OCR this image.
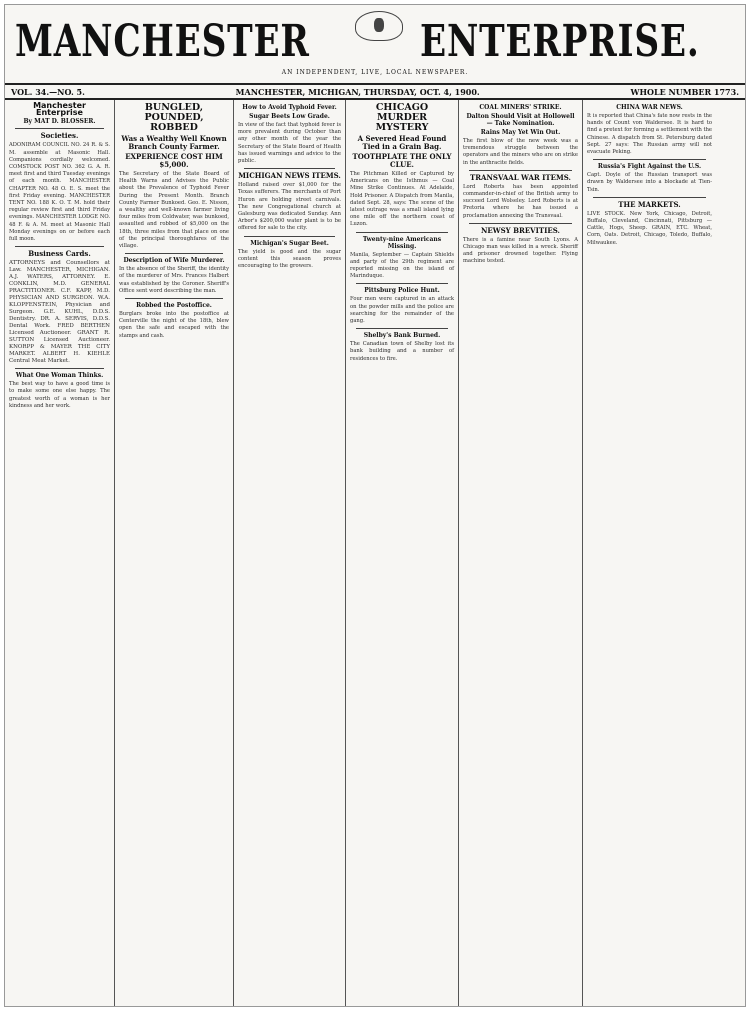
MANCHESTER	ENTERPRISE.
AN INDEPENDENT, LIVE, LOCAL NEWSPAPER.
VOL. 34.—NO. 5.	MANCHESTER, MICHIGAN, THURSDAY, OCT. 4, 1900.	WHOLE NUMBER 1773.
Manchester Enterprise
By MAT D. BLOSSER.
Societies.
ADONIRAM COUNCIL NO. 24 R. & S. M. assemble at Masonic Hall. Companions cordially welcomed. COMSTOCK POST NO. 362 G. A. R. meet first and third Tuesday evenings of each month. MANCHESTER CHAPTER NO. 48 O. E. S. meet the first Friday evening. MANCHESTER TENT NO. 188 K. O. T. M. hold their regular review first and third Friday evenings. MANCHESTER LODGE NO. 48 F. & A. M. meet at Masonic Hall Monday evenings on or before each full moon.
Business Cards.
ATTORNEYS and Counsellors at Law. MANCHESTER, MICHIGAN. A.J. WATERS, ATTORNEY. E. CONKLIN, M.D. GENERAL PRACTITIONER. C.F. KAPP, M.D. PHYSICIAN AND SURGEON. W.A. KLOPFENSTEIN, Physician and Surgeon. G.E. KUHL, D.D.S. Dentistry. DR. A. SERVIS, D.D.S. Dental Work. FRED BERTHEN Licensed Auctioneer. GRANT R. SUTTON Licensed Auctioneer. KNORPP & MAYER THE CITY MARKET. ALBERT H. KIEHLE Central Meat Market.
What One Woman Thinks.
The best way to have a good time is to make some one else happy. The greatest worth of a woman is her kindness and her work.
BUNGLED, POUNDED, ROBBED
Was a Wealthy Well Known Branch County Farmer.
EXPERIENCE COST HIM $5,000.
The Secretary of the State Board of Health Warns and Advises the Public about the Prevalence of Typhoid Fever During the Present Month. Branch County Farmer Bunkoed. Geo. E. Nisson, a wealthy and well-known farmer living four miles from Coldwater, was bunkoed, assaulted and robbed of $5,000 on the 18th, three miles from that place on one of the principal thoroughfares of the village.
Description of Wife Murderer.
In the absence of the Sheriff, the identity of the murderer of Mrs. Frances Halbert was established by the Coroner. Sheriff's Office sent word describing the man.
Robbed the Postoffice.
Burglars broke into the postoffice at Centerville the night of the 18th, blew open the safe and escaped with the stamps and cash.
How to Avoid Typhoid Fever.
Sugar Beets Low Grade.
In view of the fact that typhoid fever is more prevalent during October than any other month of the year the Secretary of the State Board of Health has issued warnings and advice to the public.
MICHIGAN NEWS ITEMS.
Holland raised over $1,000 for the Texas sufferers. The merchants of Port Huron are holding street carnivals. The new Congregational church at Galesburg was dedicated Sunday. Ann Arbor's $200,000 water plant is to be offered for sale to the city.
Michigan's Sugar Beet.
The yield is good and the sugar content this season proves encouraging to the growers.
CHICAGO MURDER MYSTERY
A Severed Head Found Tied in a Grain Bag.
TOOTHPLATE THE ONLY CLUE.
The Pitchman Killed or Captured by Americans on the Isthmus — Coal Mine Strike Continues. At Adelaide, Hold Prisoner. A Dispatch from Manila, dated Sept. 28, says: The scene of the latest outrage was a small island lying one mile off the northern coast of Luzon.
Twenty-nine Americans Missing.
Manila, September — Captain Shields and party of the 29th regiment are reported missing on the island of Marinduque.
Pittsburg Police Hunt.
Four men were captured in an attack on the powder mills and the police are searching for the remainder of the gang.
Shelby's Bank Burned.
The Canadian town of Shelby lost its bank building and a number of residences to fire.
COAL MINERS' STRIKE.
Dalton Should Visit at Hollowell — Take Nomination.
Rains May Yet Win Out.
The first blow of the new week was a tremendous struggle between the operators and the miners who are on strike in the anthracite fields.
TRANSVAAL WAR ITEMS.
Lord Roberts has been appointed commander-in-chief of the British army to succeed Lord Wolseley. Lord Roberts is at Pretoria where he has issued a proclamation annexing the Transvaal.
NEWSY BREVITIES.
There is a famine near South Lyons. A Chicago man was killed in a wreck. Sheriff and prisoner drowned together. Flying machine tested.
CHINA WAR NEWS.
It is reported that China's fate now rests in the hands of Count von Waldersee. It is hard to find a pretext for forming a settlement with the Chinese. A dispatch from St. Petersburg dated Sept. 27 says: The Russian army will not evacuate Peking.
Russia's Fight Against the U.S.
Capt. Doyle of the Russian transport was drawn by Waldersee into a blockade at Tien-Tsin.
THE MARKETS.
LIVE STOCK. New York, Chicago, Detroit, Buffalo, Cleveland, Cincinnati, Pittsburg — Cattle, Hogs, Sheep. GRAIN, ETC. Wheat, Corn, Oats. Detroit, Chicago, Toledo, Buffalo, Milwaukee.
